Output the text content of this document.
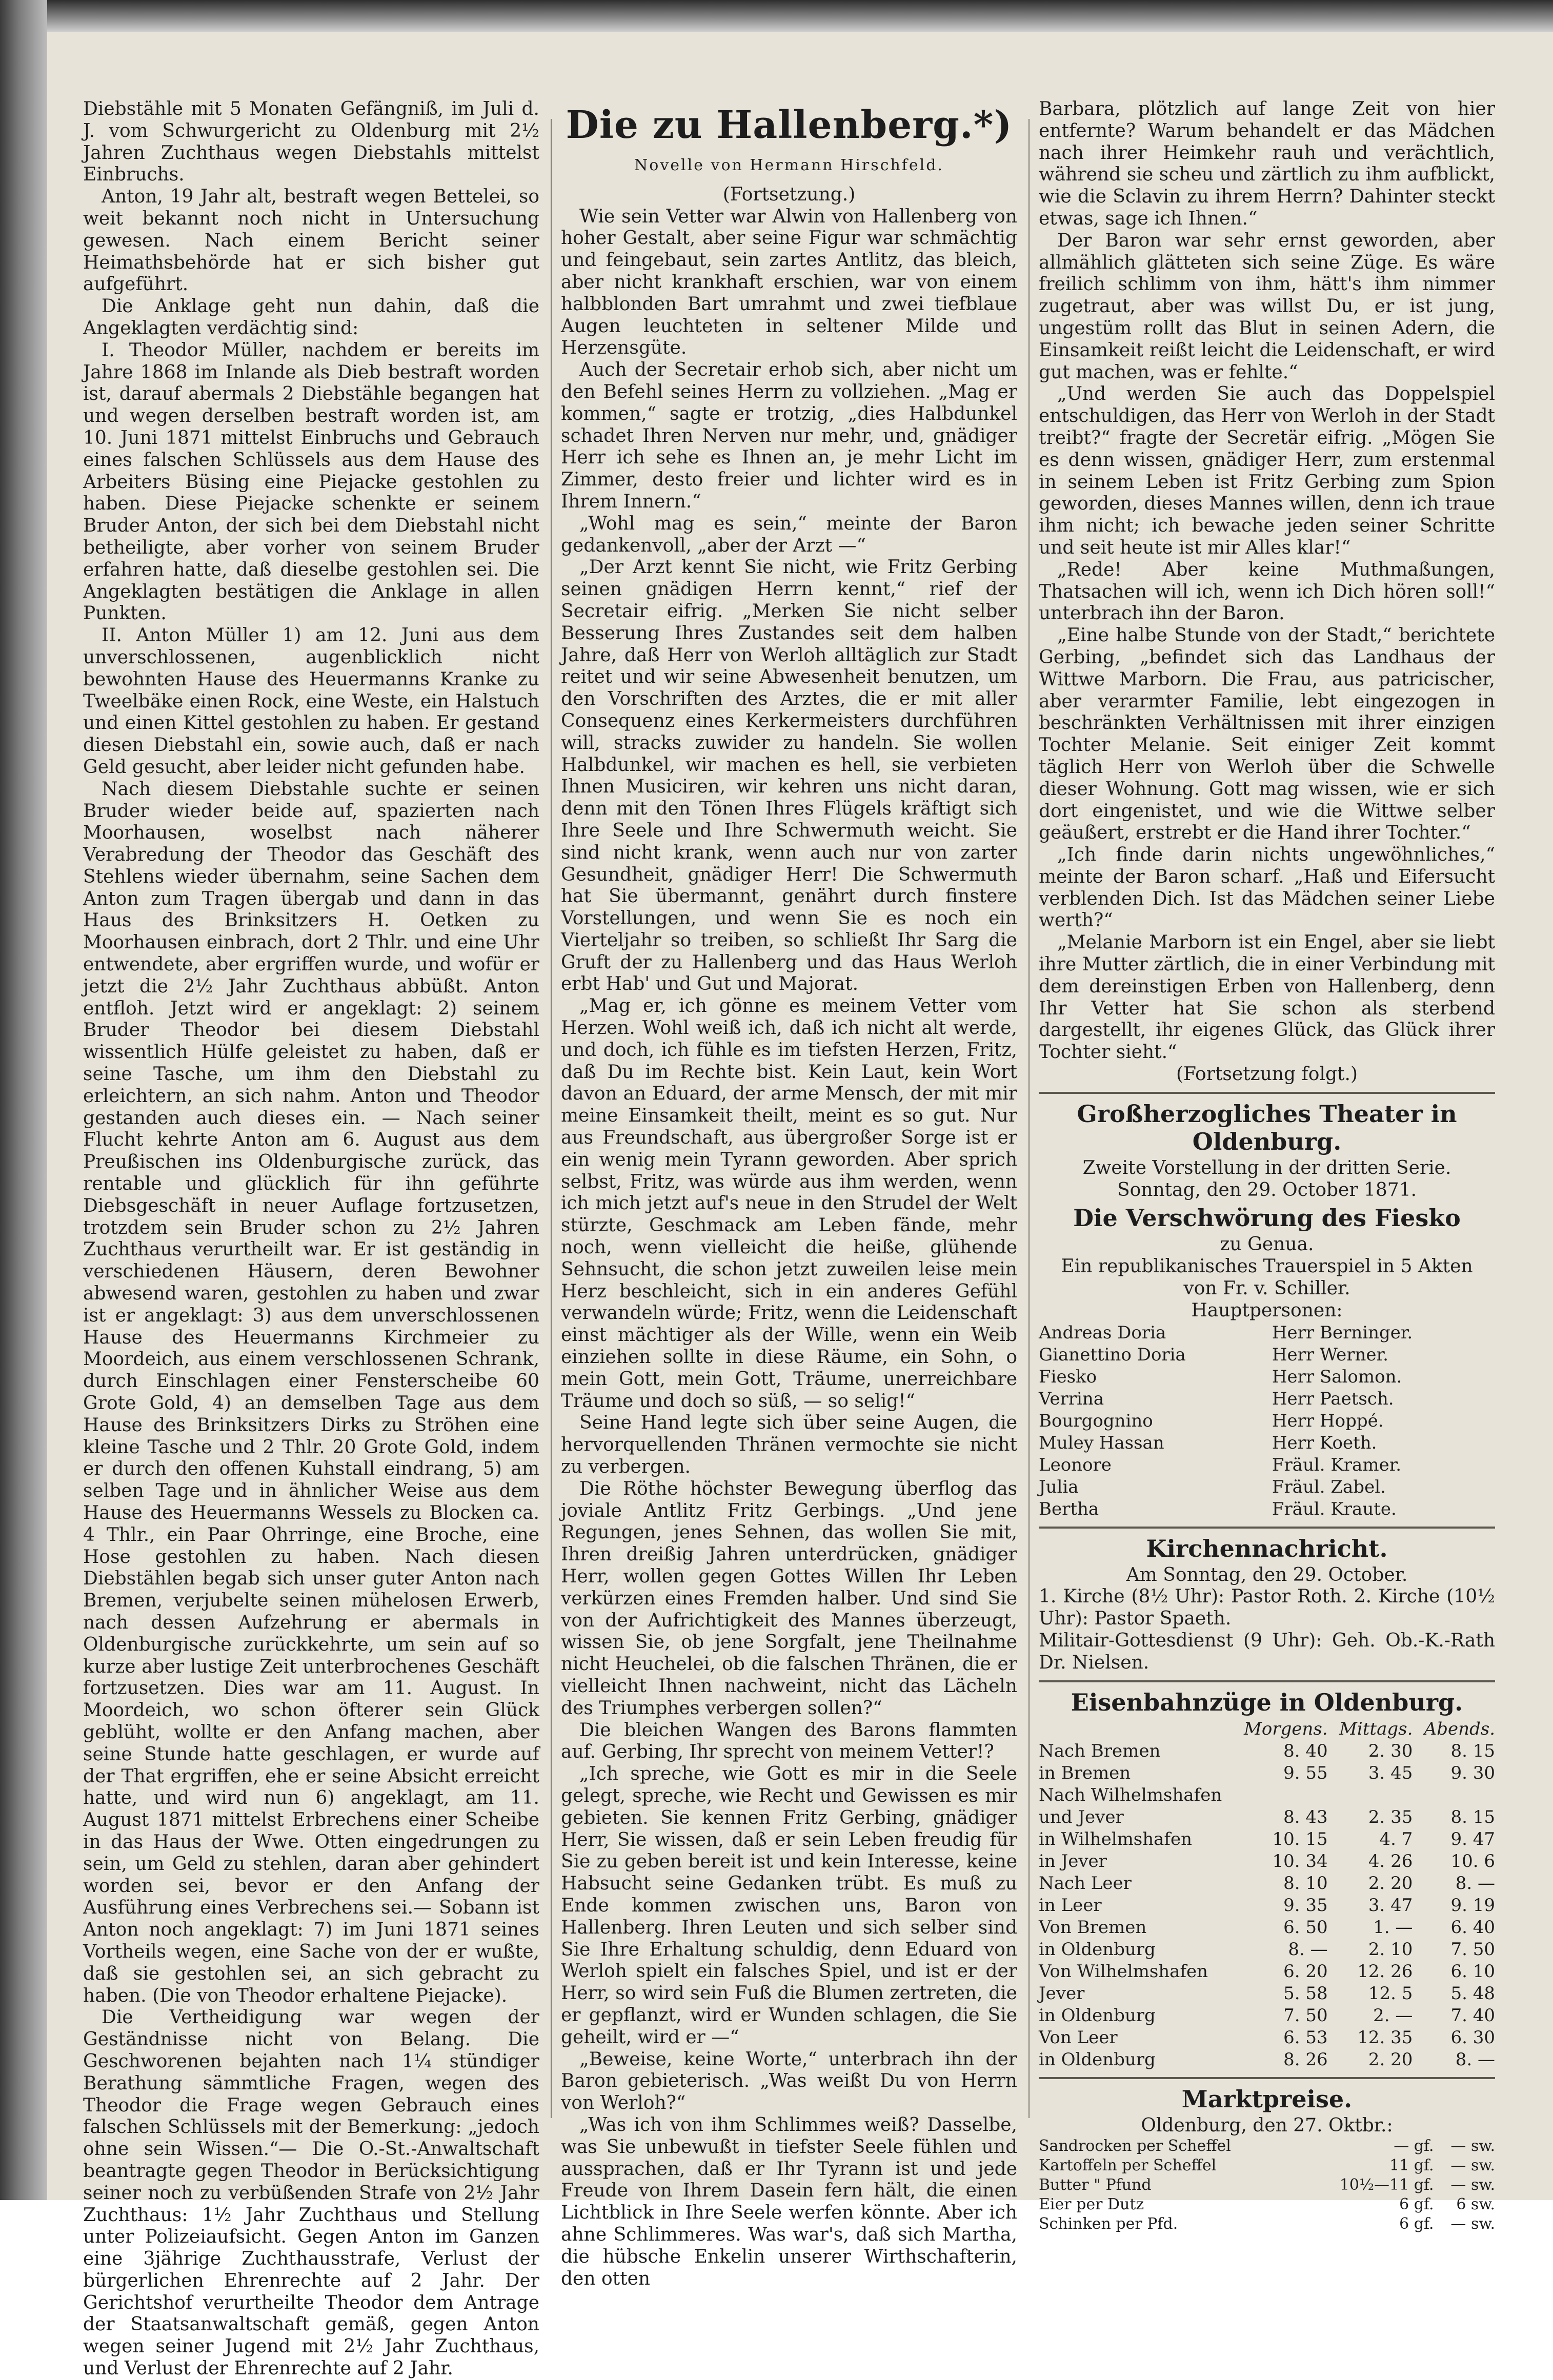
Diebstähle mit 5 Monaten Gefängniß, im Juli d. J. vom Schwurgericht zu Oldenburg mit 2½ Jahren Zuchthaus wegen Diebstahls mittelst Einbruchs.

Anton, 19 Jahr alt, bestraft wegen Bettelei, so weit bekannt noch nicht in Untersuchung gewesen. Nach einem Bericht seiner Heimathsbehörde hat er sich bisher gut aufgeführt.

Die Anklage geht nun dahin, daß die Angeklagten verdächtig sind:

I. Theodor Müller, nachdem er bereits im Jahre 1868 im Inlande als Dieb bestraft worden ist, darauf abermals 2 Diebstähle begangen hat und wegen derselben bestraft worden ist, am 10. Juni 1871 mittelst Einbruchs und Gebrauch eines falschen Schlüssels aus dem Hause des Arbeiters Büsing eine Piejacke gestohlen zu haben. Diese Piejacke schenkte er seinem Bruder Anton, der sich bei dem Diebstahl nicht betheiligte, aber vorher von seinem Bruder erfahren hatte, daß dieselbe gestohlen sei. Die Angeklagten bestätigen die Anklage in allen Punkten.

II. Anton Müller 1) am 12. Juni aus dem unverschlossenen, augenblicklich nicht bewohnten Hause des Heuermanns Kranke zu Tweelbäke einen Rock, eine Weste, ein Halstuch und einen Kittel gestohlen zu haben. Er gestand diesen Diebstahl ein, sowie auch, daß er nach Geld gesucht, aber leider nicht gefunden habe.

Nach diesem Diebstahle suchte er seinen Bruder wieder beide auf, spazierten nach Moorhausen, woselbst nach näherer Verabredung der Theodor das Geschäft des Stehlens wieder übernahm, seine Sachen dem Anton zum Tragen übergab und dann in das Haus des Brinksitzers H. Oetken zu Moorhausen einbrach, dort 2 Thlr. und eine Uhr entwendete, aber ergriffen wurde, und wofür er jetzt die 2½ Jahr Zuchthaus abbüßt. Anton entfloh. Jetzt wird er angeklagt: 2) seinem Bruder Theodor bei diesem Diebstahl wissentlich Hülfe geleistet zu haben, daß er seine Tasche, um ihm den Diebstahl zu erleichtern, an sich nahm. Anton und Theodor gestanden auch dieses ein. — Nach seiner Flucht kehrte Anton am 6. August aus dem Preußischen ins Oldenburgische zurück, das rentable und glücklich für ihn geführte Diebsgeschäft in neuer Auflage fortzusetzen, trotzdem sein Bruder schon zu 2½ Jahren Zuchthaus verurtheilt war. Er ist geständig in verschiedenen Häusern, deren Bewohner abwesend waren, gestohlen zu haben und zwar ist er angeklagt: 3) aus dem unverschlossenen Hause des Heuermanns Kirchmeier zu Moordeich, aus einem verschlossenen Schrank, durch Einschlagen einer Fensterscheibe 60 Grote Gold, 4) an demselben Tage aus dem Hause des Brinksitzers Dirks zu Ströhen eine kleine Tasche und 2 Thlr. 20 Grote Gold, indem er durch den offenen Kuhstall eindrang, 5) am selben Tage und in ähnlicher Weise aus dem Hause des Heuermanns Wessels zu Blocken ca. 4 Thlr., ein Paar Ohrringe, eine Broche, eine Hose gestohlen zu haben. Nach diesen Diebstählen begab sich unser guter Anton nach Bremen, verjubelte seinen mühelosen Erwerb, nach dessen Aufzehrung er abermals in Oldenburgische zurückkehrte, um sein auf so kurze aber lustige Zeit unterbrochenes Geschäft fortzusetzen. Dies war am 11. August. In Moordeich, wo schon öfterer sein Glück geblüht, wollte er den Anfang machen, aber seine Stunde hatte geschlagen, er wurde auf der That ergriffen, ehe er seine Absicht erreicht hatte, und wird nun 6) angeklagt, am 11. August 1871 mittelst Erbrechens einer Scheibe in das Haus der Wwe. Otten eingedrungen zu sein, um Geld zu stehlen, daran aber gehindert worden sei, bevor er den Anfang der Ausführung eines Verbrechens sei.— Sobann ist Anton noch angeklagt: 7) im Juni 1871 seines Vortheils wegen, eine Sache von der er wußte, daß sie gestohlen sei, an sich gebracht zu haben. (Die von Theodor erhaltene Piejacke).

Die Vertheidigung war wegen der Geständnisse nicht von Belang. Die Geschworenen bejahten nach 1¼ stündiger Berathung sämmtliche Fragen, wegen des Theodor die Frage wegen Gebrauch eines falschen Schlüssels mit der Bemerkung: „jedoch ohne sein Wissen.“— Die O.-St.-Anwaltschaft beantragte gegen Theodor in Berücksichtigung seiner noch zu verbüßenden Strafe von 2½ Jahr Zuchthaus: 1½ Jahr Zuchthaus und Stellung unter Polizeiaufsicht. Gegen Anton im Ganzen eine 3jährige Zuchthausstrafe, Verlust der bürgerlichen Ehrenrechte auf 2 Jahr. Der Gerichtshof verurtheilte Theodor dem Antrage der Staatsanwaltschaft gemäß, gegen Anton wegen seiner Jugend mit 2½ Jahr Zuchthaus, und Verlust der Ehrenrechte auf 2 Jahr.

Die zu Hallenberg.*)
Novelle von Hermann Hirschfeld.
(Fortsetzung.)

Wie sein Vetter war Alwin von Hallenberg von hoher Gestalt, aber seine Figur war schmächtig und feingebaut, sein zartes Antlitz, das bleich, aber nicht krankhaft erschien, war von einem halbblonden Bart umrahmt und zwei tiefblaue Augen leuchteten in seltener Milde und Herzensgüte.

Auch der Secretair erhob sich, aber nicht um den Befehl seines Herrn zu vollziehen. „Mag er kommen,“ sagte er trotzig, „dies Halbdunkel schadet Ihren Nerven nur mehr, und, gnädiger Herr ich sehe es Ihnen an, je mehr Licht im Zimmer, desto freier und lichter wird es in Ihrem Innern.“

„Wohl mag es sein,“ meinte der Baron gedankenvoll, „aber der Arzt —“

„Der Arzt kennt Sie nicht, wie Fritz Gerbing seinen gnädigen Herrn kennt,“ rief der Secretair eifrig. „Merken Sie nicht selber Besserung Ihres Zustandes seit dem halben Jahre, daß Herr von Werloh alltäglich zur Stadt reitet und wir seine Abwesenheit benutzen, um den Vorschriften des Arztes, die er mit aller Consequenz eines Kerkermeisters durchführen will, stracks zuwider zu handeln. Sie wollen Halbdunkel, wir machen es hell, sie verbieten Ihnen Musiciren, wir kehren uns nicht daran, denn mit den Tönen Ihres Flügels kräftigt sich Ihre Seele und Ihre Schwermuth weicht. Sie sind nicht krank, wenn auch nur von zarter Gesundheit, gnädiger Herr! Die Schwermuth hat Sie übermannt, genährt durch finstere Vorstellungen, und wenn Sie es noch ein Vierteljahr so treiben, so schließt Ihr Sarg die Gruft der zu Hallenberg und das Haus Werloh erbt Hab' und Gut und Majorat.

„Mag er, ich gönne es meinem Vetter vom Herzen. Wohl weiß ich, daß ich nicht alt werde, und doch, ich fühle es im tiefsten Herzen, Fritz, daß Du im Rechte bist. Kein Laut, kein Wort davon an Eduard, der arme Mensch, der mit mir meine Einsamkeit theilt, meint es so gut. Nur aus Freundschaft, aus übergroßer Sorge ist er ein wenig mein Tyrann geworden. Aber sprich selbst, Fritz, was würde aus ihm werden, wenn ich mich jetzt auf's neue in den Strudel der Welt stürzte, Geschmack am Leben fände, mehr noch, wenn vielleicht die heiße, glühende Sehnsucht, die schon jetzt zuweilen leise mein Herz beschleicht, sich in ein anderes Gefühl verwandeln würde; Fritz, wenn die Leidenschaft einst mächtiger als der Wille, wenn ein Weib einziehen sollte in diese Räume, ein Sohn, o mein Gott, mein Gott, Träume, unerreichbare Träume und doch so süß, — so selig!“

Seine Hand legte sich über seine Augen, die hervorquellenden Thränen vermochte sie nicht zu verbergen.

Die Röthe höchster Bewegung überflog das joviale Antlitz Fritz Gerbings. „Und jene Regungen, jenes Sehnen, das wollen Sie mit, Ihren dreißig Jahren unterdrücken, gnädiger Herr, wollen gegen Gottes Willen Ihr Leben verkürzen eines Fremden halber. Und sind Sie von der Aufrichtigkeit des Mannes überzeugt, wissen Sie, ob jene Sorgfalt, jene Theilnahme nicht Heuchelei, ob die falschen Thränen, die er vielleicht Ihnen nachweint, nicht das Lächeln des Triumphes verbergen sollen?“

Die bleichen Wangen des Barons flammten auf. Gerbing, Ihr sprecht von meinem Vetter!?

„Ich spreche, wie Gott es mir in die Seele gelegt, spreche, wie Recht und Gewissen es mir gebieten. Sie kennen Fritz Gerbing, gnädiger Herr, Sie wissen, daß er sein Leben freudig für Sie zu geben bereit ist und kein Interesse, keine Habsucht seine Gedanken trübt. Es muß zu Ende kommen zwischen uns, Baron von Hallenberg. Ihren Leuten und sich selber sind Sie Ihre Erhaltung schuldig, denn Eduard von Werloh spielt ein falsches Spiel, und ist er der Herr, so wird sein Fuß die Blumen zertreten, die er gepflanzt, wird er Wunden schlagen, die Sie geheilt, wird er —“

„Beweise, keine Worte,“ unterbrach ihn der Baron gebieterisch. „Was weißt Du von Herrn von Werloh?“

„Was ich von ihm Schlimmes weiß? Dasselbe, was Sie unbewußt in tiefster Seele fühlen und aussprachen, daß er Ihr Tyrann ist und jede Freude von Ihrem Dasein fern hält, die einen Lichtblick in Ihre Seele werfen könnte. Aber ich ahne Schlimmeres. Was war's, daß sich Martha, die hübsche Enkelin unserer Wirthschafterin, den otten

Barbara, plötzlich auf lange Zeit von hier entfernte? Warum behandelt er das Mädchen nach ihrer Heimkehr rauh und verächtlich, während sie scheu und zärtlich zu ihm aufblickt, wie die Sclavin zu ihrem Herrn? Dahinter steckt etwas, sage ich Ihnen.“

Der Baron war sehr ernst geworden, aber allmählich glätteten sich seine Züge. Es wäre freilich schlimm von ihm, hätt's ihm nimmer zugetraut, aber was willst Du, er ist jung, ungestüm rollt das Blut in seinen Adern, die Einsamkeit reißt leicht die Leidenschaft, er wird gut machen, was er fehlte.“

„Und werden Sie auch das Doppelspiel entschuldigen, das Herr von Werloh in der Stadt treibt?“ fragte der Secretär eifrig. „Mögen Sie es denn wissen, gnädiger Herr, zum erstenmal in seinem Leben ist Fritz Gerbing zum Spion geworden, dieses Mannes willen, denn ich traue ihm nicht; ich bewache jeden seiner Schritte und seit heute ist mir Alles klar!“

„Rede! Aber keine Muthmaßungen, Thatsachen will ich, wenn ich Dich hören soll!“ unterbrach ihn der Baron.

„Eine halbe Stunde von der Stadt,“ berichtete Gerbing, „befindet sich das Landhaus der Wittwe Marborn. Die Frau, aus patricischer, aber verarmter Familie, lebt eingezogen in beschränkten Verhältnissen mit ihrer einzigen Tochter Melanie. Seit einiger Zeit kommt täglich Herr von Werloh über die Schwelle dieser Wohnung. Gott mag wissen, wie er sich dort eingenistet, und wie die Wittwe selber geäußert, erstrebt er die Hand ihrer Tochter.“

„Ich finde darin nichts ungewöhnliches,“ meinte der Baron scharf. „Haß und Eifersucht verblenden Dich. Ist das Mädchen seiner Liebe werth?“

„Melanie Marborn ist ein Engel, aber sie liebt ihre Mutter zärtlich, die in einer Verbindung mit dem dereinstigen Erben von Hallenberg, denn Ihr Vetter hat Sie schon als sterbend dargestellt, ihr eigenes Glück, das Glück ihrer Tochter sieht.“

(Fortsetzung folgt.)
Großherzogliches Theater in Oldenburg.
Zweite Vorstellung in der dritten Serie.
Sonntag, den 29. October 1871.
Die Verschwörung des Fiesko
zu Genua.
Ein republikanisches Trauerspiel in 5 Akten
von Fr. v. Schiller.
Hauptpersonen:
Andreas Doria	Herr Berninger.
Gianettino Doria	Herr Werner.
Fiesko	Herr Salomon.
Verrina	Herr Paetsch.
Bourgognino	Herr Hoppé.
Muley Hassan	Herr Koeth.
Leonore	Fräul. Kramer.
Julia	Fräul. Zabel.
Bertha	Fräul. Kraute.
Kirchennachricht.
Am Sonntag, den 29. October.

1. Kirche (8½ Uhr): Pastor Roth. 2. Kirche (10½ Uhr): Pastor Spaeth.

Militair-Gottesdienst (9 Uhr): Geh. Ob.-K.-Rath Dr. Nielsen.

Eisenbahnzüge in Oldenburg.
	Morgens.	Mittags.	Abends.
Nach Bremen	8. 40	2. 30	8. 15
in Bremen	9. 55	3. 45	9. 30
Nach Wilhelmshafen			
und Jever	8. 43	2. 35	8. 15
in Wilhelmshafen	10. 15	4. 7	9. 47
in Jever	10. 34	4. 26	10. 6
Nach Leer	8. 10	2. 20	8. —
in Leer	9. 35	3. 47	9. 19
Von Bremen	6. 50	1. —	6. 40
in Oldenburg	8. —	2. 10	7. 50
Von Wilhelmshafen	6. 20	12. 26	6. 10
Jever	5. 58	12. 5	5. 48
in Oldenburg	7. 50	2. —	7. 40
Von Leer	6. 53	12. 35	6. 30
in Oldenburg	8. 26	2. 20	8. —
Marktpreise.
Oldenburg, den 27. Oktbr.:
Sandrocken per Scheffel	— gf.	— sw.
Kartoffeln per Scheffel	11 gf.	— sw.
Butter " Pfund	10½—11 gf.	— sw.
Eier per Dutz	6 gf.	6 sw.
Schinken per Pfd.	6 gf.	— sw.
